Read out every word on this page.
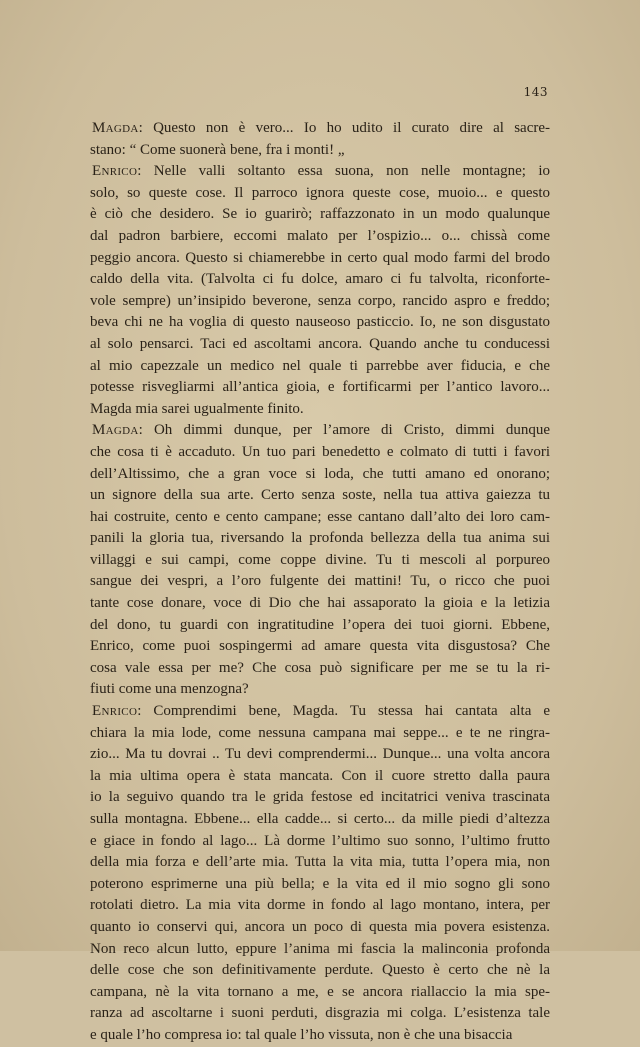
143
Magda: Questo non è vero... Io ho udito il curato dire al sacre-
stano: “ Come suonerà bene, fra i monti! „
Enrico: Nelle valli soltanto essa suona, non nelle montagne; io
solo, so queste cose. Il parroco ignora queste cose, muoio... e questo
è ciò che desidero. Se io guarirò; raffazzonato in un modo qualunque
dal padron barbiere, eccomi malato per l’ospizio... o... chissà come
peggio ancora. Questo si chiamerebbe in certo qual modo farmi del brodo
caldo della vita. (Talvolta ci fu dolce, amaro ci fu talvolta, riconforte-
vole sempre) un’insipido beverone, senza corpo, rancido aspro e freddo;
beva chi ne ha voglia di questo nauseoso pasticcio. Io, ne son disgustato
al solo pensarci. Taci ed ascoltami ancora. Quando anche tu conducessi
al mio capezzale un medico nel quale ti parrebbe aver fiducia, e che
potesse risvegliarmi all’antica gioia, e fortificarmi per l’antico lavoro...
Magda mia sarei ugualmente finito.
Magda: Oh dimmi dunque, per l’amore di Cristo, dimmi dunque
che cosa ti è accaduto. Un tuo pari benedetto e colmato di tutti i favori
dell’Altissimo, che a gran voce si loda, che tutti amano ed onorano;
un signore della sua arte. Certo senza soste, nella tua attiva gaiezza tu
hai costruite, cento e cento campane; esse cantano dall’alto dei loro cam-
panili la gloria tua, riversando la profonda bellezza della tua anima sui
villaggi e sui campi, come coppe divine. Tu ti mescoli al porpureo
sangue dei vespri, a l’oro fulgente dei mattini! Tu, o ricco che puoi
tante cose donare, voce di Dio che hai assaporato la gioia e la letizia
del dono, tu guardi con ingratitudine l’opera dei tuoi giorni. Ebbene,
Enrico, come puoi sospingermi ad amare questa vita disgustosa? Che
cosa vale essa per me? Che cosa può significare per me se tu la ri-
fiuti come una menzogna?
Enrico: Comprendimi bene, Magda. Tu stessa hai cantata alta e
chiara la mia lode, come nessuna campana mai seppe... e te ne ringra-
zio... Ma tu dovrai .. Tu devi comprendermi... Dunque... una volta ancora
la mia ultima opera è stata mancata. Con il cuore stretto dalla paura
io la seguivo quando tra le grida festose ed incitatrici veniva trascinata
sulla montagna. Ebbene... ella cadde... si certo... da mille piedi d’altezza
e giace in fondo al lago... Là dorme l’ultimo suo sonno, l’ultimo frutto
della mia forza e dell’arte mia. Tutta la vita mia, tutta l’opera mia, non
poterono esprimerne una più bella; e la vita ed il mio sogno gli sono
rotolati dietro. La mia vita dorme in fondo al lago montano, intera, per
quanto io conservi qui, ancora un poco di questa mia povera esistenza.
Non reco alcun lutto, eppure l’anima mi fascia la malinconia profonda
delle cose che son definitivamente perdute. Questo è certo che nè la
campana, nè la vita tornano a me, e se ancora riallaccio la mia spe-
ranza ad ascoltarne i suoni perduti, disgrazia mi colga. L’esistenza tale
e quale l’ho compresa io: tal quale l’ho vissuta, non è che una bisaccia
